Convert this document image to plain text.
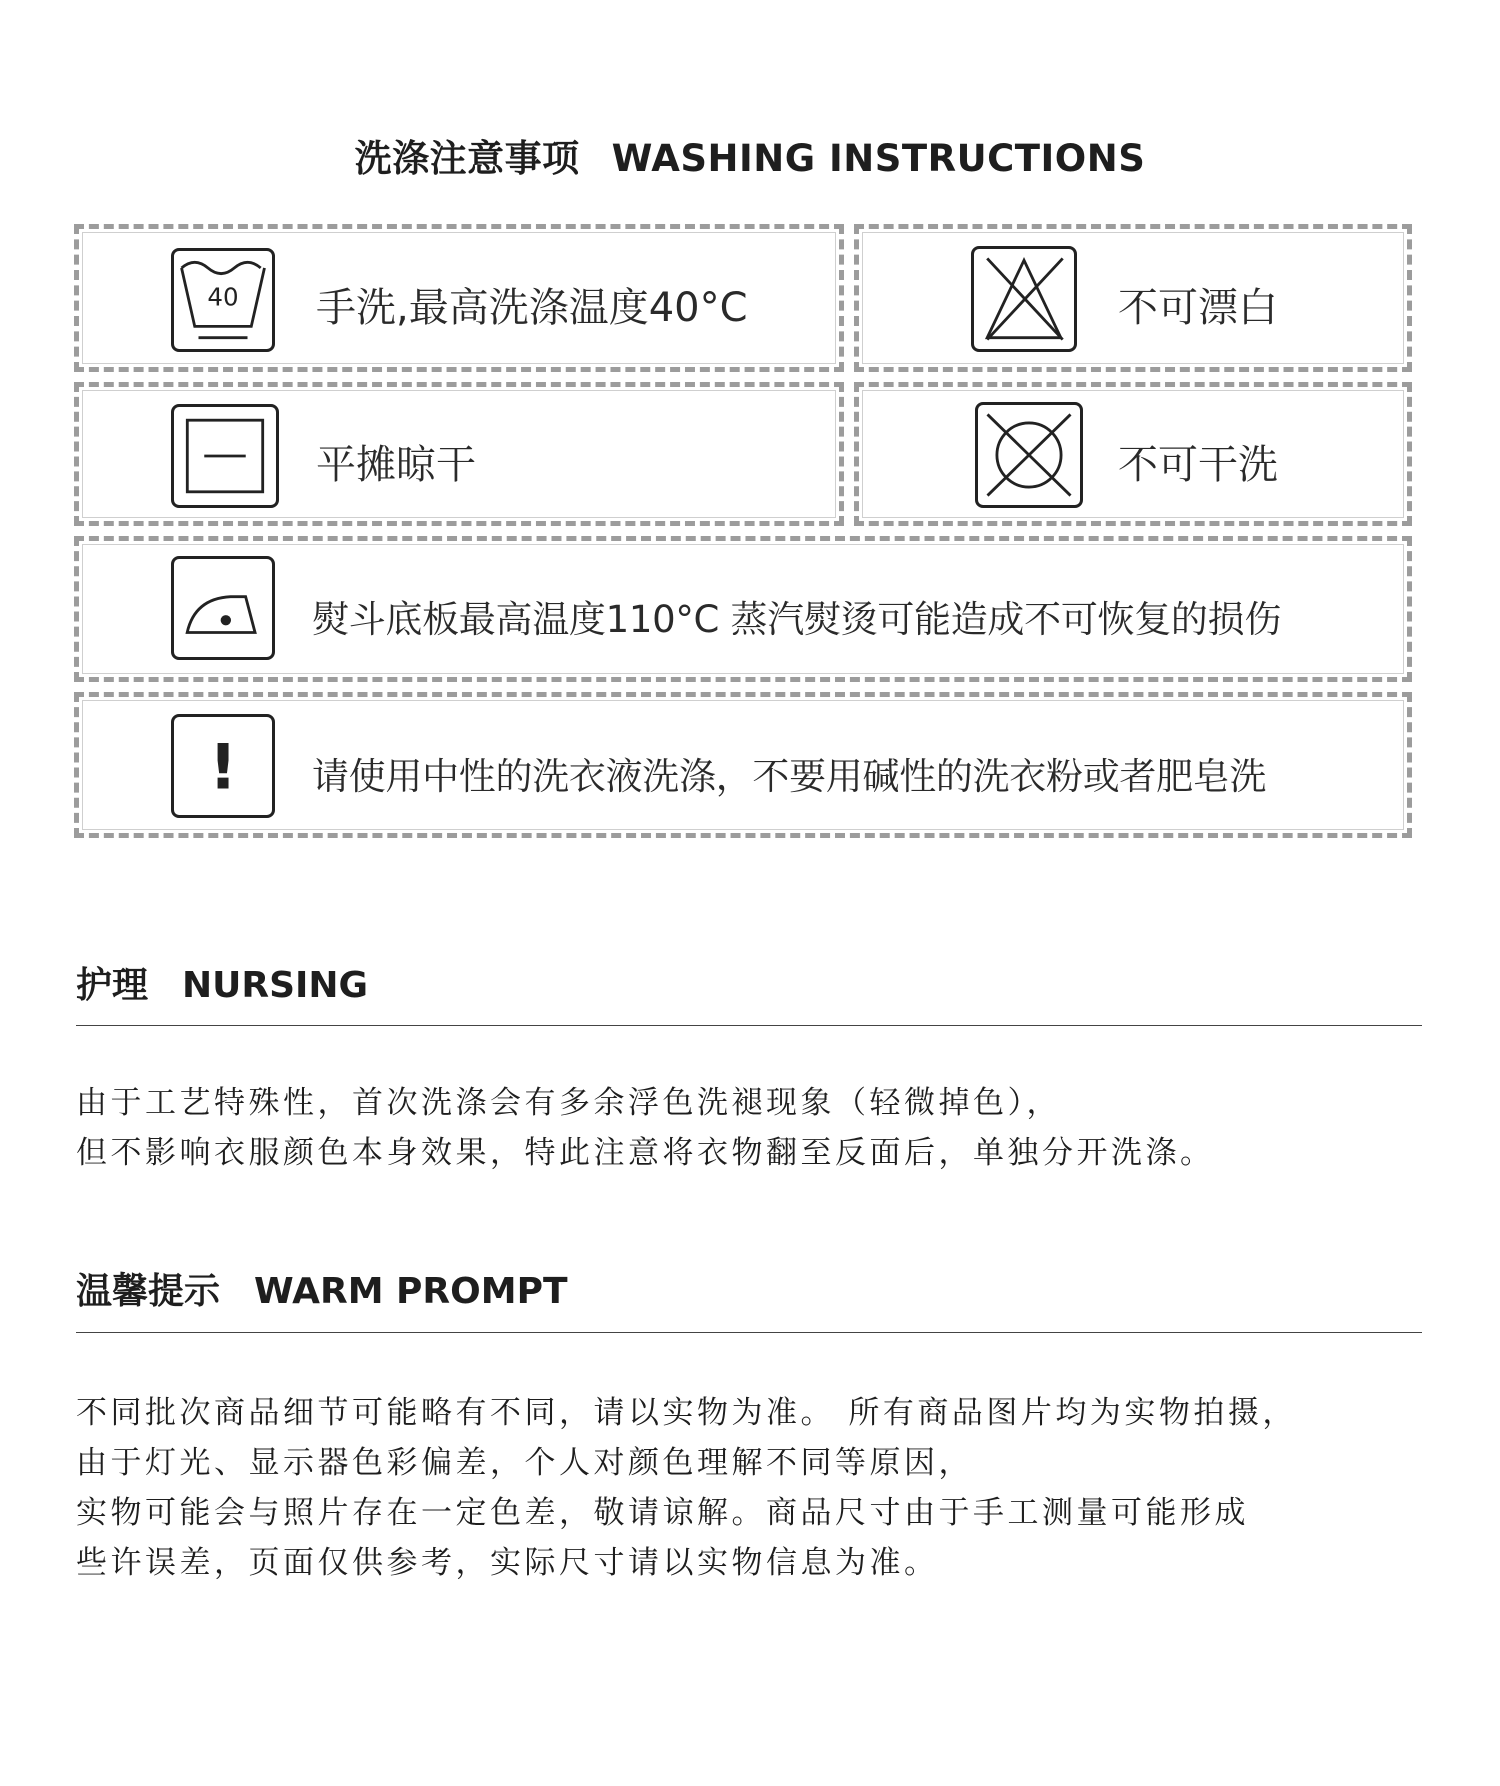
洗涤注意事项 WASHING INSTRUCTIONS
40 手洗,最高洗涤温度40°C	不可漂白
平摊晾干	不可干洗
熨斗底板最高温度110°C 蒸汽熨烫可能造成不可恢复的损伤
! 请使用中性的洗衣液洗涤，不要用碱性的洗衣粉或者肥皂洗
护理 NURSING
由于工艺特殊性，首次洗涤会有多余浮色洗褪现象（轻微掉色），
但不影响衣服颜色本身效果，特此注意将衣物翻至反面后，单独分开洗涤。
温馨提示 WARM PROMPT
不同批次商品细节可能略有不同，请以实物为准。 所有商品图片均为实物拍摄，
由于灯光、显示器色彩偏差，个人对颜色理解不同等原因，
实物可能会与照片存在一定色差，敬请谅解。商品尺寸由于手工测量可能形成
些许误差，页面仅供参考，实际尺寸请以实物信息为准。
